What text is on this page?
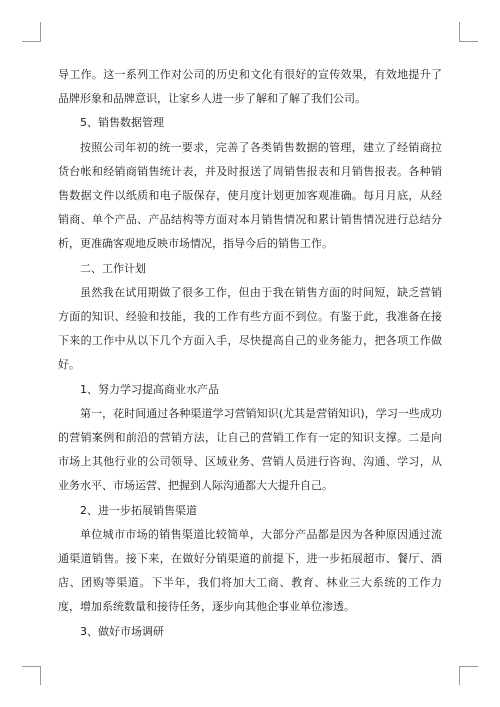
导工作。这一系列工作对公司的历史和文化有很好的宣传效果，有效地提升了品牌形象和品牌意识，让家乡人进一步了解和了解了我们公司。

5、销售数据管理

按照公司年初的统一要求，完善了各类销售数据的管理，建立了经销商拉货台帐和经销商销售统计表，并及时报送了周销售报表和月销售报表。各种销售数据文件以纸质和电子版保存，使月度计划更加客观准确。每月月底，从经销商、单个产品、产品结构等方面对本月销售情况和累计销售情况进行总结分析，更准确客观地反映市场情况，指导今后的销售工作。

二、工作计划

虽然我在试用期做了很多工作，但由于我在销售方面的时间短，缺乏营销方面的知识、经验和技能，我的工作有些方面不到位。有鉴于此，我准备在接下来的工作中从以下几个方面入手，尽快提高自己的业务能力，把各项工作做好。

1、努力学习提高商业水产品

第一，花时间通过各种渠道学习营销知识(尤其是营销知识)，学习一些成功的营销案例和前沿的营销方法，让自己的营销工作有一定的知识支撑。二是向市场上其他行业的公司领导、区域业务、营销人员进行咨询、沟通、学习，从业务水平、市场运营、把握到人际沟通都大大提升自己。

2、进一步拓展销售渠道

单位城市市场的销售渠道比较简单，大部分产品都是因为各种原因通过流通渠道销售。接下来，在做好分销渠道的前提下，进一步拓展超市、餐厅、酒店、团购等渠道。下半年，我们将加大工商、教育、林业三大系统的工作力度，增加系统数量和接待任务，逐步向其他企事业单位渗透。

3、做好市场调研
